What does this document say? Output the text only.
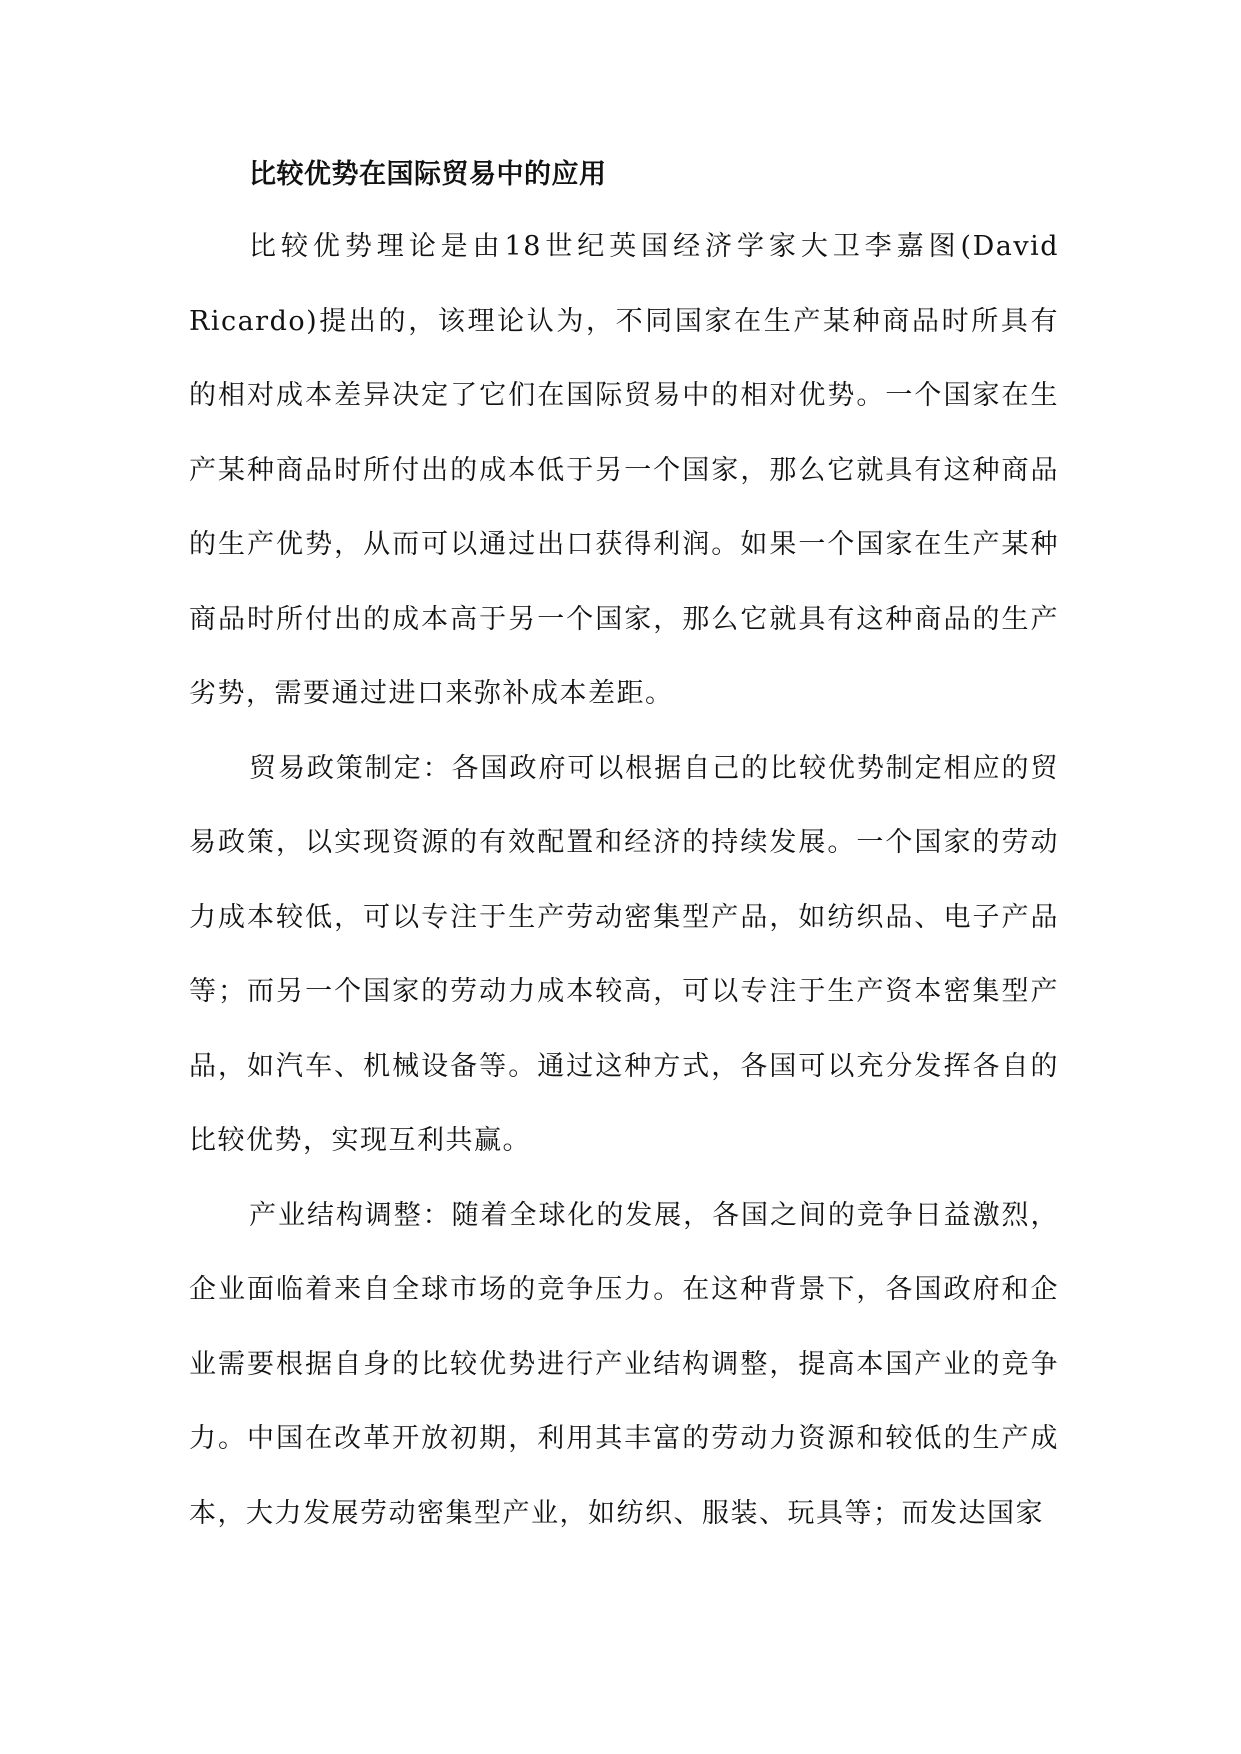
比较优势在国际贸易中的应用

比较优势理论是由18世纪英国经济学家大卫李嘉图(David Ricardo)提出的，该理论认为，不同国家在生产某种商品时所具有的相对成本差异决定了它们在国际贸易中的相对优势。一个国家在生产某种商品时所付出的成本低于另一个国家，那么它就具有这种商品的生产优势，从而可以通过出口获得利润。如果一个国家在生产某种商品时所付出的成本高于另一个国家，那么它就具有这种商品的生产劣势，需要通过进口来弥补成本差距。

贸易政策制定：各国政府可以根据自己的比较优势制定相应的贸易政策，以实现资源的有效配置和经济的持续发展。一个国家的劳动力成本较低，可以专注于生产劳动密集型产品，如纺织品、电子产品等；而另一个国家的劳动力成本较高，可以专注于生产资本密集型产品，如汽车、机械设备等。通过这种方式，各国可以充分发挥各自的比较优势，实现互利共赢。

产业结构调整：随着全球化的发展，各国之间的竞争日益激烈，企业面临着来自全球市场的竞争压力。在这种背景下，各国政府和企业需要根据自身的比较优势进行产业结构调整，提高本国产业的竞争力。中国在改革开放初期，利用其丰富的劳动力资源和较低的生产成本，大力发展劳动密集型产业，如纺织、服装、玩具等；而发达国家
